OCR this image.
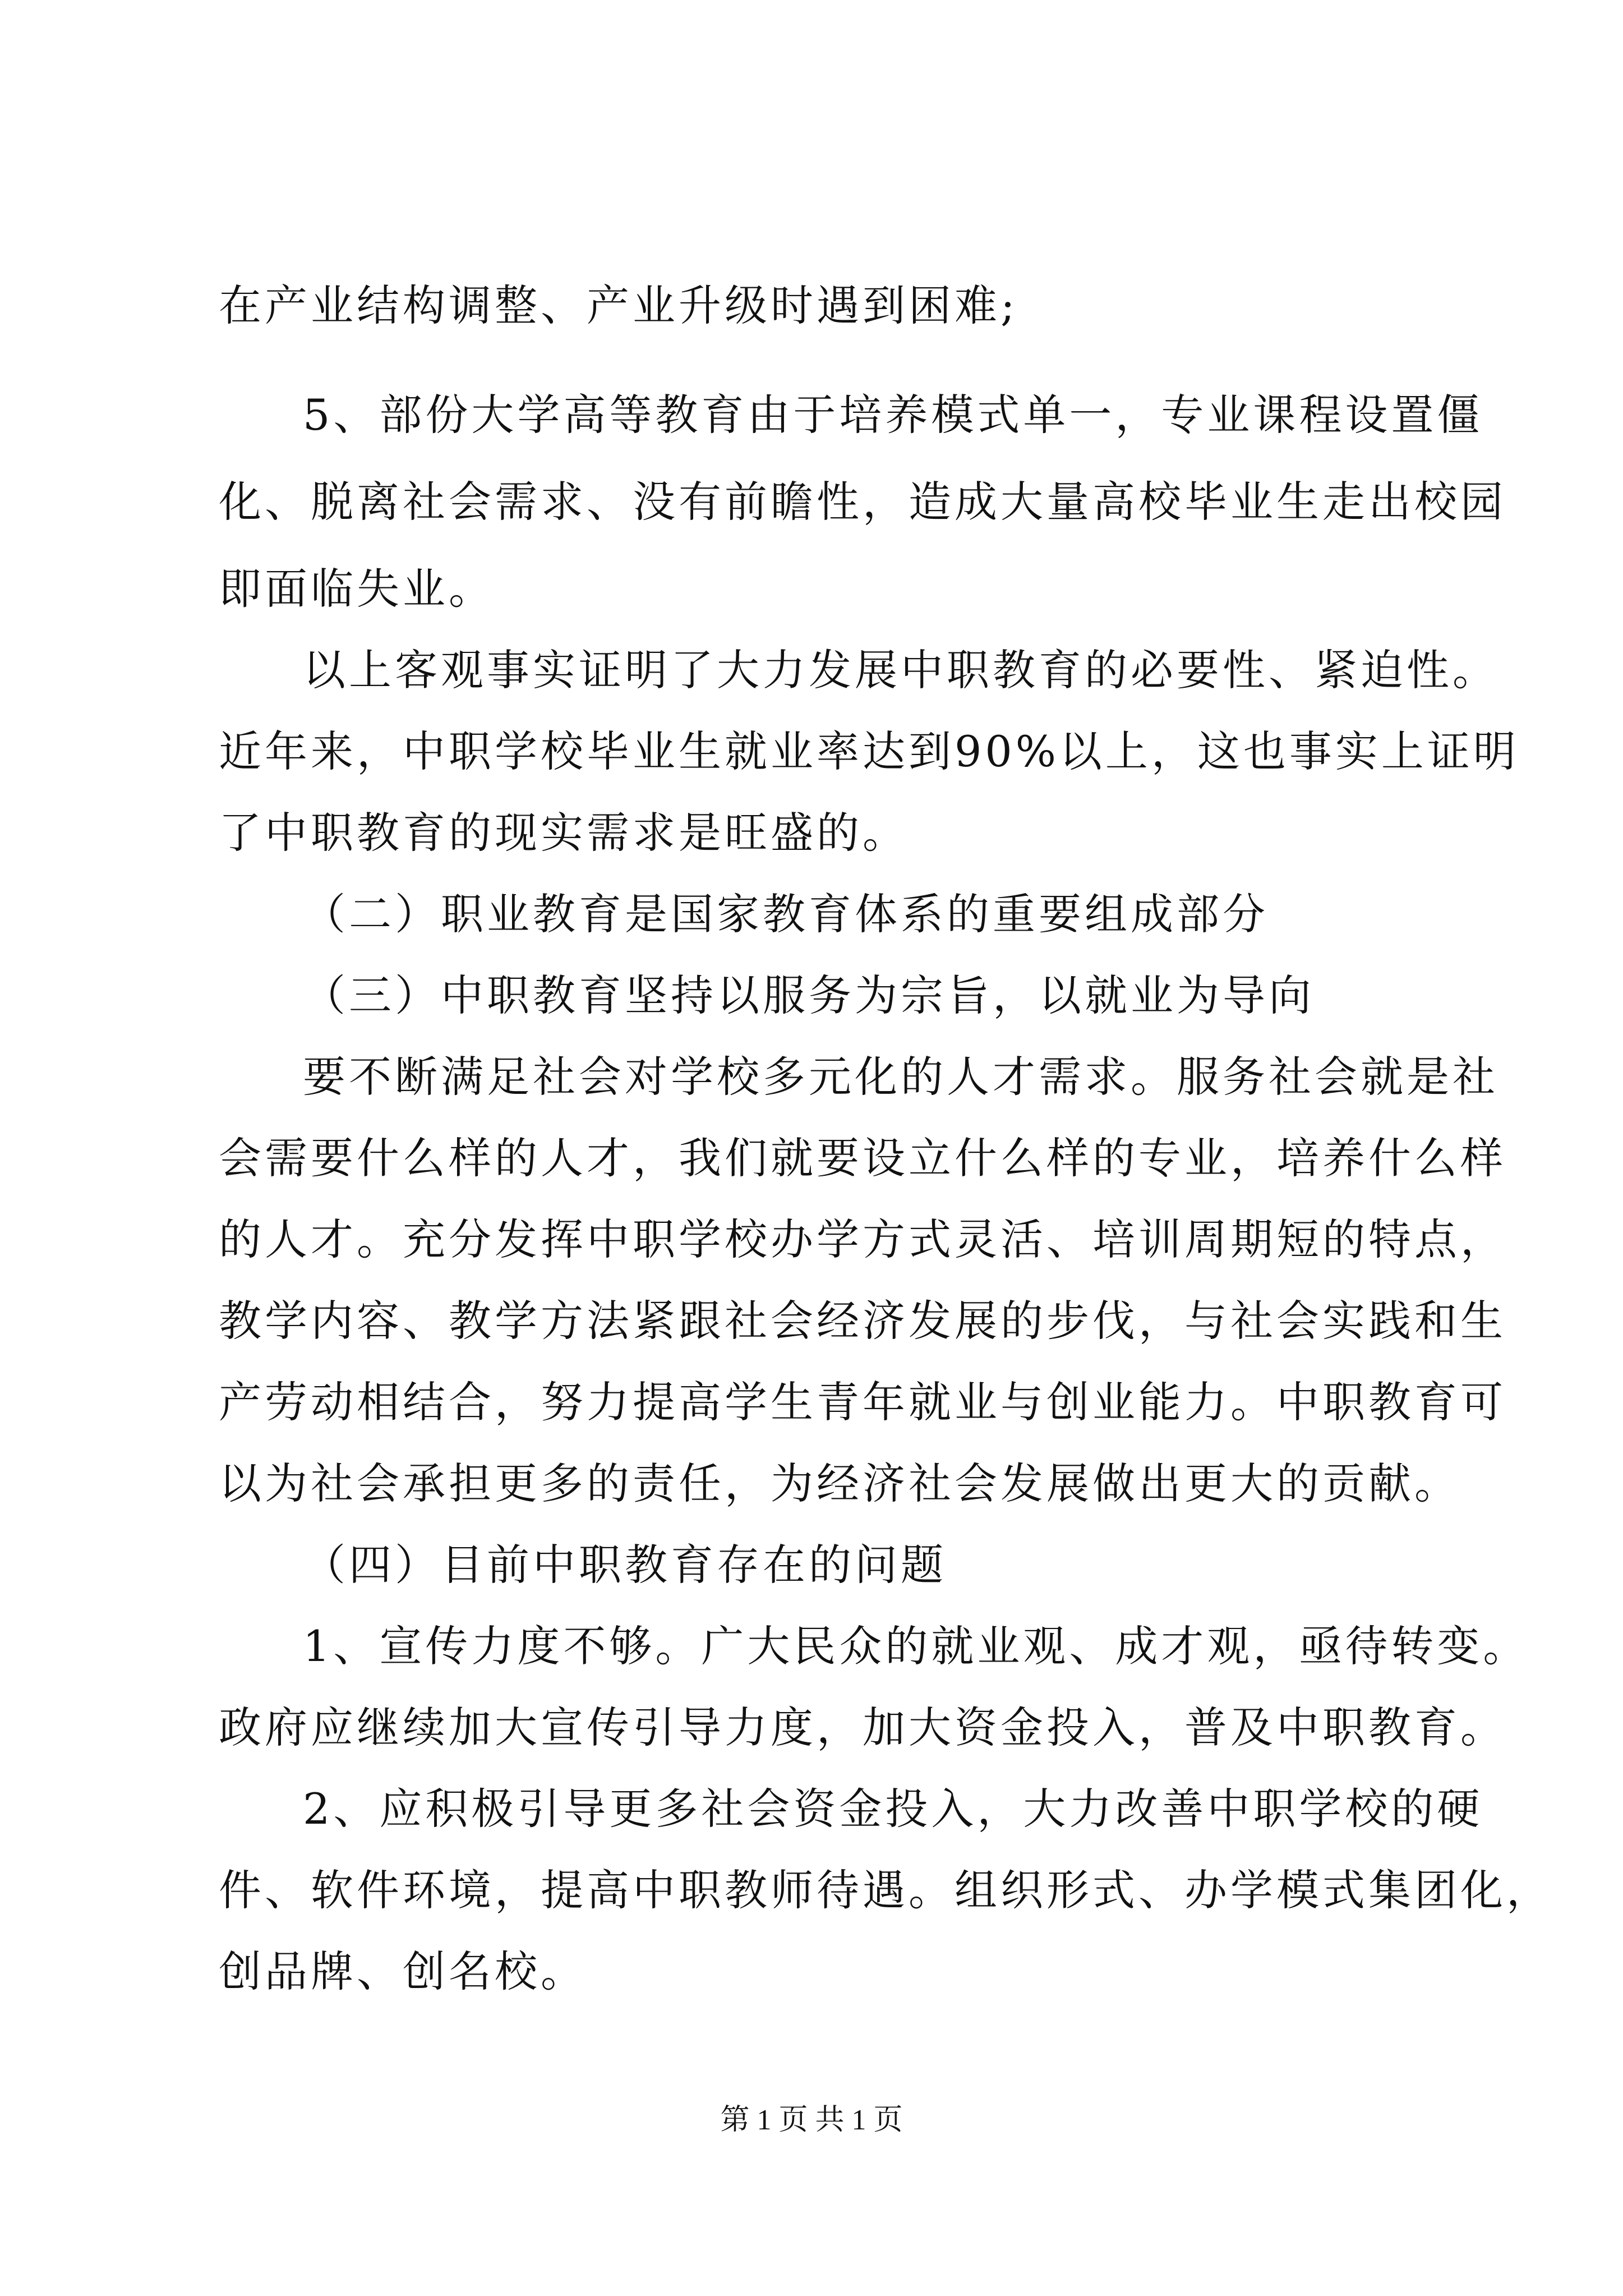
在产业结构调整、产业升级时遇到困难;
5、部份大学高等教育由于培养模式单一，专业课程设置僵
化、脱离社会需求、没有前瞻性，造成大量高校毕业生走出校园
即面临失业。
以上客观事实证明了大力发展中职教育的必要性、紧迫性。
近年来，中职学校毕业生就业率达到90%以上，这也事实上证明
了中职教育的现实需求是旺盛的。
（二）职业教育是国家教育体系的重要组成部分
（三）中职教育坚持以服务为宗旨，以就业为导向
要不断满足社会对学校多元化的人才需求。服务社会就是社
会需要什么样的人才，我们就要设立什么样的专业，培养什么样
的人才。充分发挥中职学校办学方式灵活、培训周期短的特点，
教学内容、教学方法紧跟社会经济发展的步伐，与社会实践和生
产劳动相结合，努力提高学生青年就业与创业能力。中职教育可
以为社会承担更多的责任，为经济社会发展做出更大的贡献。
（四）目前中职教育存在的问题
1、宣传力度不够。广大民众的就业观、成才观，亟待转变。
政府应继续加大宣传引导力度，加大资金投入，普及中职教育。
2、应积极引导更多社会资金投入，大力改善中职学校的硬
件、软件环境，提高中职教师待遇。组织形式、办学模式集团化，
创品牌、创名校。
第 1 页 共 1 页
